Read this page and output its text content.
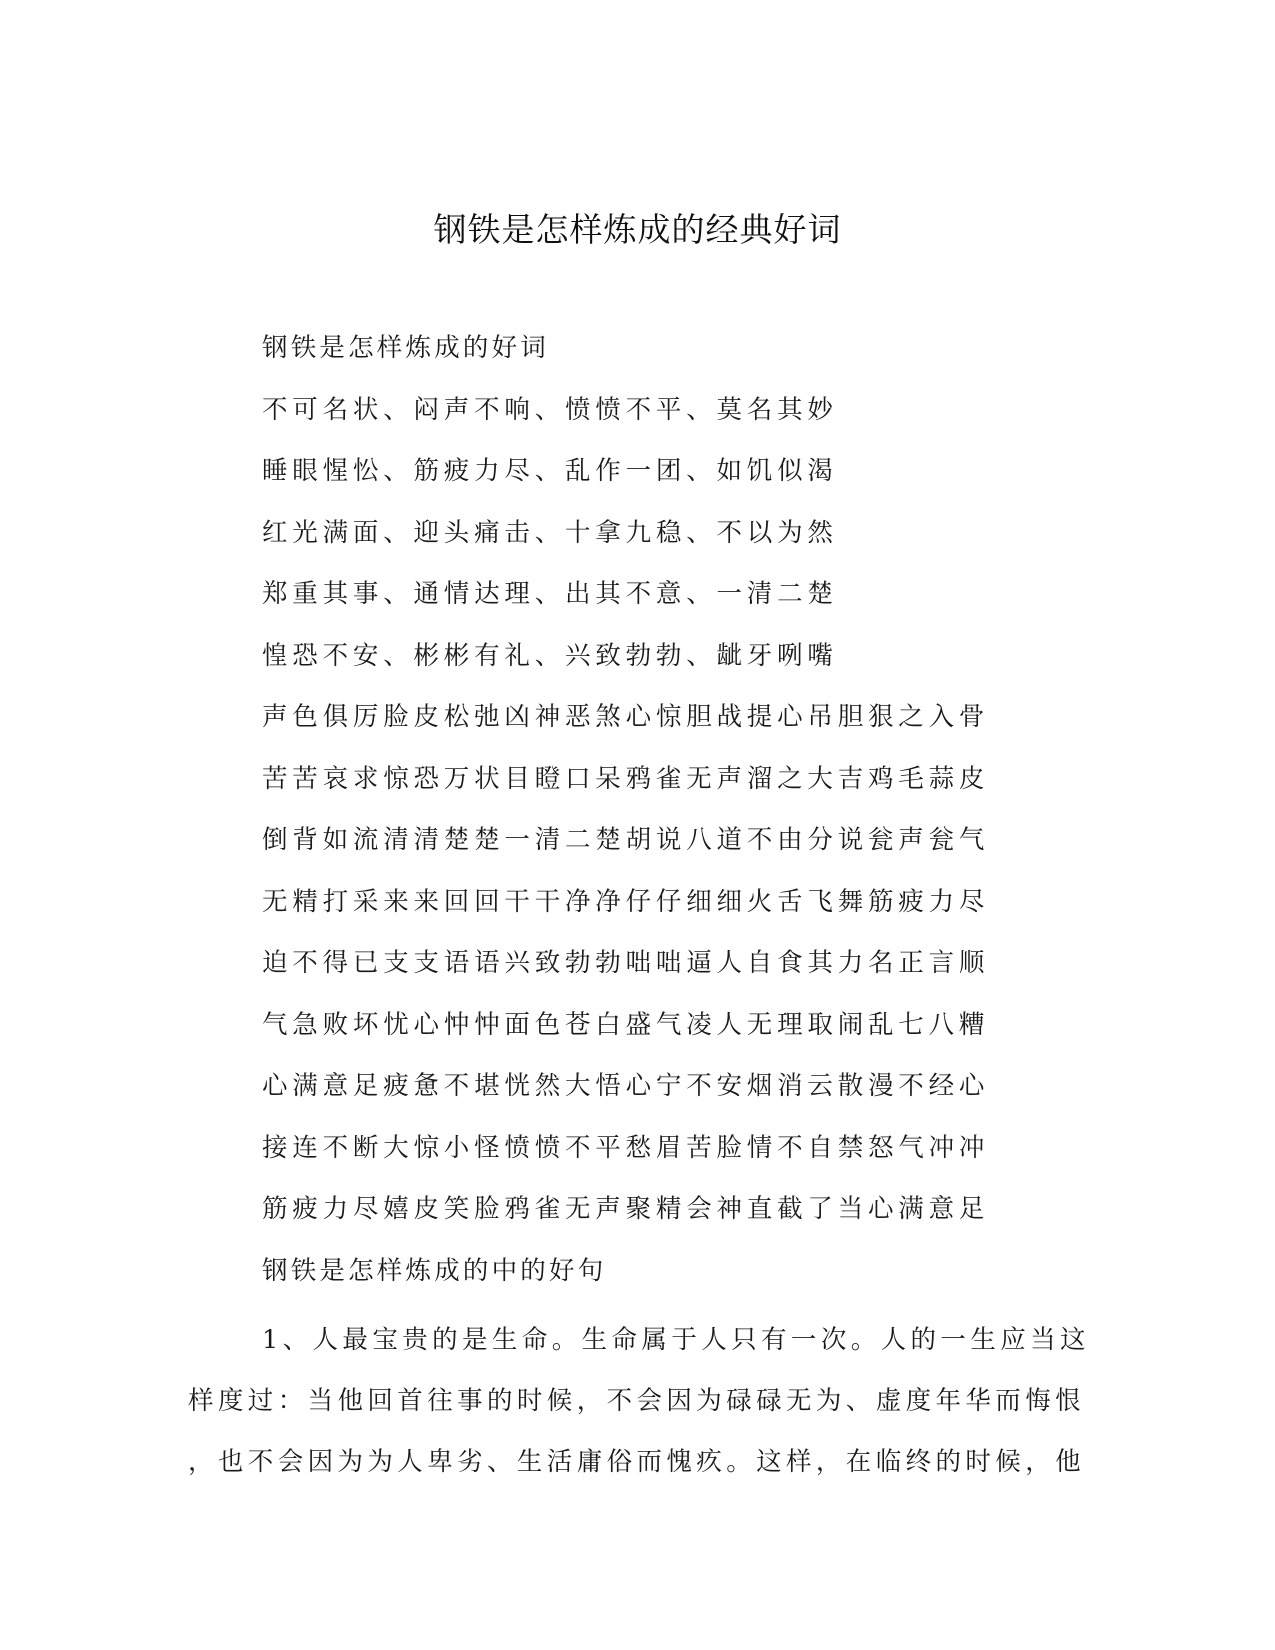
钢铁是怎样炼成的经典好词
钢铁是怎样炼成的好词
不可名状、闷声不响、愤愤不平、莫名其妙
睡眼惺忪、筋疲力尽、乱作一团、如饥似渴
红光满面、迎头痛击、十拿九稳、不以为然
郑重其事、通情达理、出其不意、一清二楚
惶恐不安、彬彬有礼、兴致勃勃、龇牙咧嘴
声色俱厉脸皮松弛凶神恶煞心惊胆战提心吊胆狠之入骨
苦苦哀求惊恐万状目瞪口呆鸦雀无声溜之大吉鸡毛蒜皮
倒背如流清清楚楚一清二楚胡说八道不由分说瓮声瓮气
无精打采来来回回干干净净仔仔细细火舌飞舞筋疲力尽
迫不得已支支语语兴致勃勃咄咄逼人自食其力名正言顺
气急败坏忧心忡忡面色苍白盛气凌人无理取闹乱七八糟
心满意足疲惫不堪恍然大悟心宁不安烟消云散漫不经心
接连不断大惊小怪愤愤不平愁眉苦脸情不自禁怒气冲冲
筋疲力尽嬉皮笑脸鸦雀无声聚精会神直截了当心满意足
钢铁是怎样炼成的中的好句
1、人最宝贵的是生命。生命属于人只有一次。人的一生应当这
样度过：当他回首往事的时候，不会因为碌碌无为、虚度年华而悔恨
，也不会因为为人卑劣、生活庸俗而愧疚。这样，在临终的时候，他
